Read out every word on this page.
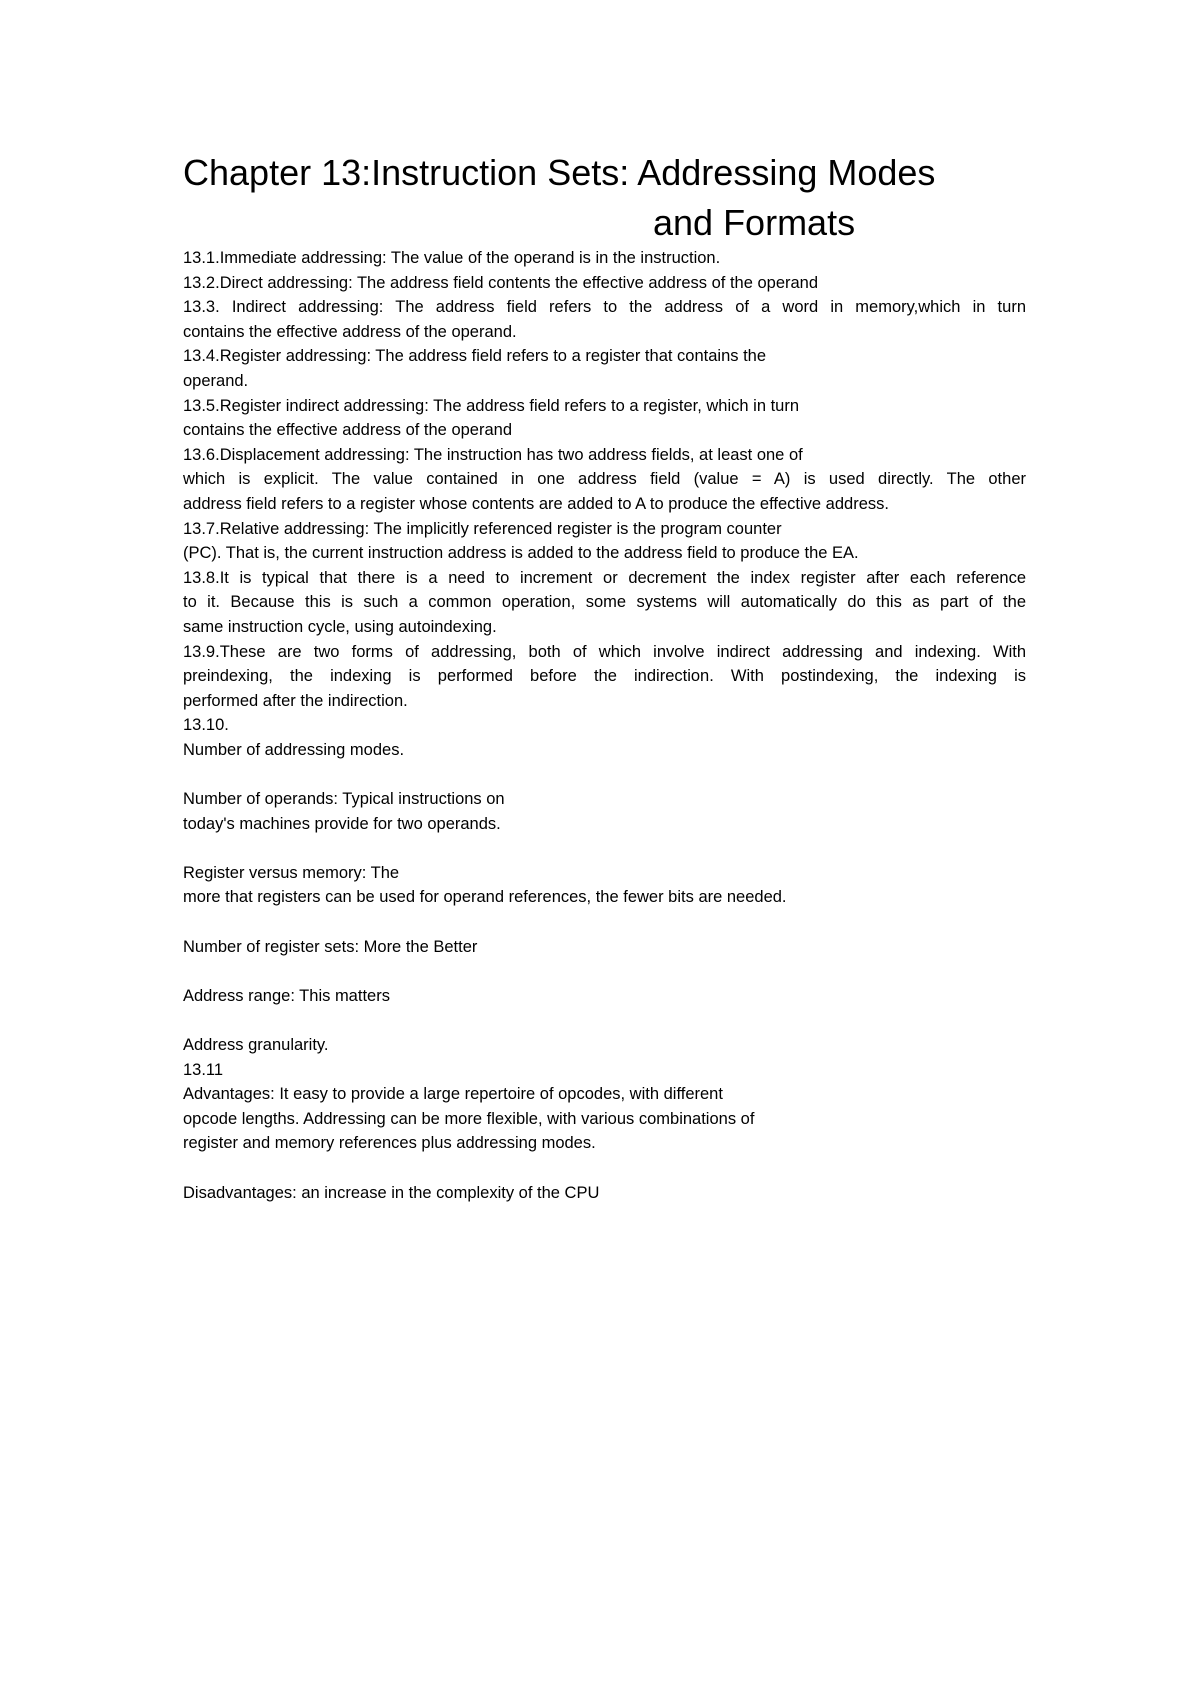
Chapter 13:Instruction Sets: Addressing Modes
and Formats

13.1.Immediate addressing: The value of the operand is in the instruction.

13.2.Direct addressing: The address field contents the effective address of the operand

13.3. Indirect addressing: The address field refers to the address of a word in memory,which in turn
contains the effective address of the operand.

13.4.Register addressing: The address field refers to a register that contains the
operand.

13.5.Register indirect addressing: The address field refers to a register, which in turn
contains the effective address of the operand

13.6.Displacement addressing: The instruction has two address fields, at least one of
which is explicit. The value contained in one address field (value = A) is used directly. The other
address field refers to a register whose contents are added to A to produce the effective address.

13.7.Relative addressing: The implicitly referenced register is the program counter
(PC). That is, the current instruction address is added to the address field to produce the EA.

13.8.It is typical that there is a need to increment or decrement the index register after each reference
to it. Because this is such a common operation, some systems will automatically do this as part of the
same instruction cycle, using autoindexing.

13.9.These are two forms of addressing, both of which involve indirect addressing and indexing. With
preindexing, the indexing is performed before the indirection. With postindexing, the indexing is
performed after the indirection.

13.10.

Number of addressing modes.

Number of operands: Typical instructions on
today's machines provide for two operands.

Register versus memory: The
more that registers can be used for operand references, the fewer bits are needed.

Number of register sets: More the Better

Address range: This matters

Address granularity.
13.11
Advantages: It easy to provide a large repertoire of opcodes, with different
opcode lengths. Addressing can be more flexible, with various combinations of
register and memory references plus addressing modes.

Disadvantages: an increase in the complexity of the CPU
